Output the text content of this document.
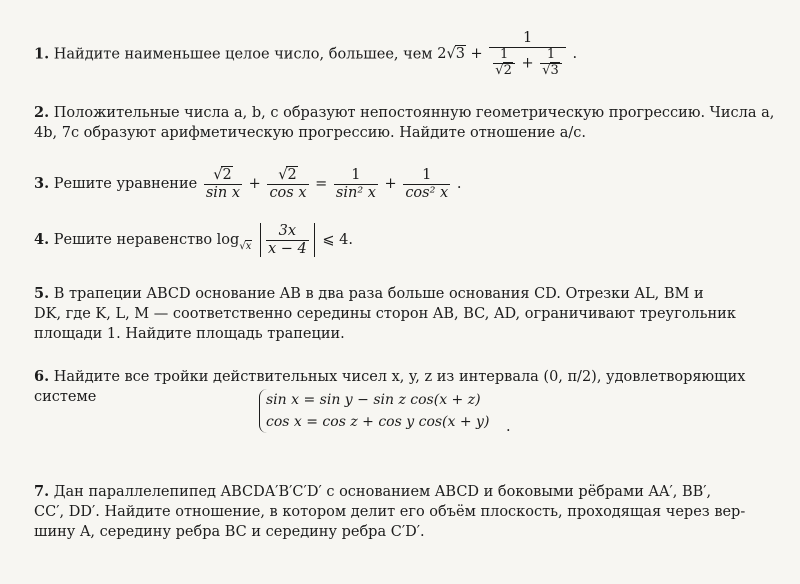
1. Найдите наименьшее целое число, большее, чем 2√3 +
1
$\frac{1}{√2} + \frac{1}{√3}$ .
2. Положительные числа a, b, c образуют непостоянную геометрическую прогрессию. Числа a,
4b, 7c образуют арифметическую прогрессию. Найдите отношение a/c.
3. Решите уравнение $\frac{√2}{\text{sin x}} + \frac{√2}{\text{cos x}} = \frac{1}{\text{sin² x}} + \frac{1}{\text{cos² x}}$ .
4. Решите неравенство $\log_{√x} \frac{3x}{x - 4}$ ⩽ 4.
5. В трапеции ABCD основание AB в два раза больше основания CD. Отрезки AL, BM и
DK, где K, L, M — соответственно середины сторон AB, BC, AD, ограничивают треугольник
площади 1. Найдите площадь трапеции.
6. Найдите все тройки действительных чисел x, y, z из интервала (0, π/2), удовлетворяющих
системе	sin x = sin y − sin z cos(x + z)
cos x = cos z + cos y cos(x + y) .
7. Дан параллелепипед ABCDA′B′C′D′ с основанием ABCD и боковыми рёбрами AA′, BB′,
CC′, DD′. Найдите отношение, в котором делит его объём плоскость, проходящая через вер-
шину A, середину ребра BC и середину ребра C′D′.
